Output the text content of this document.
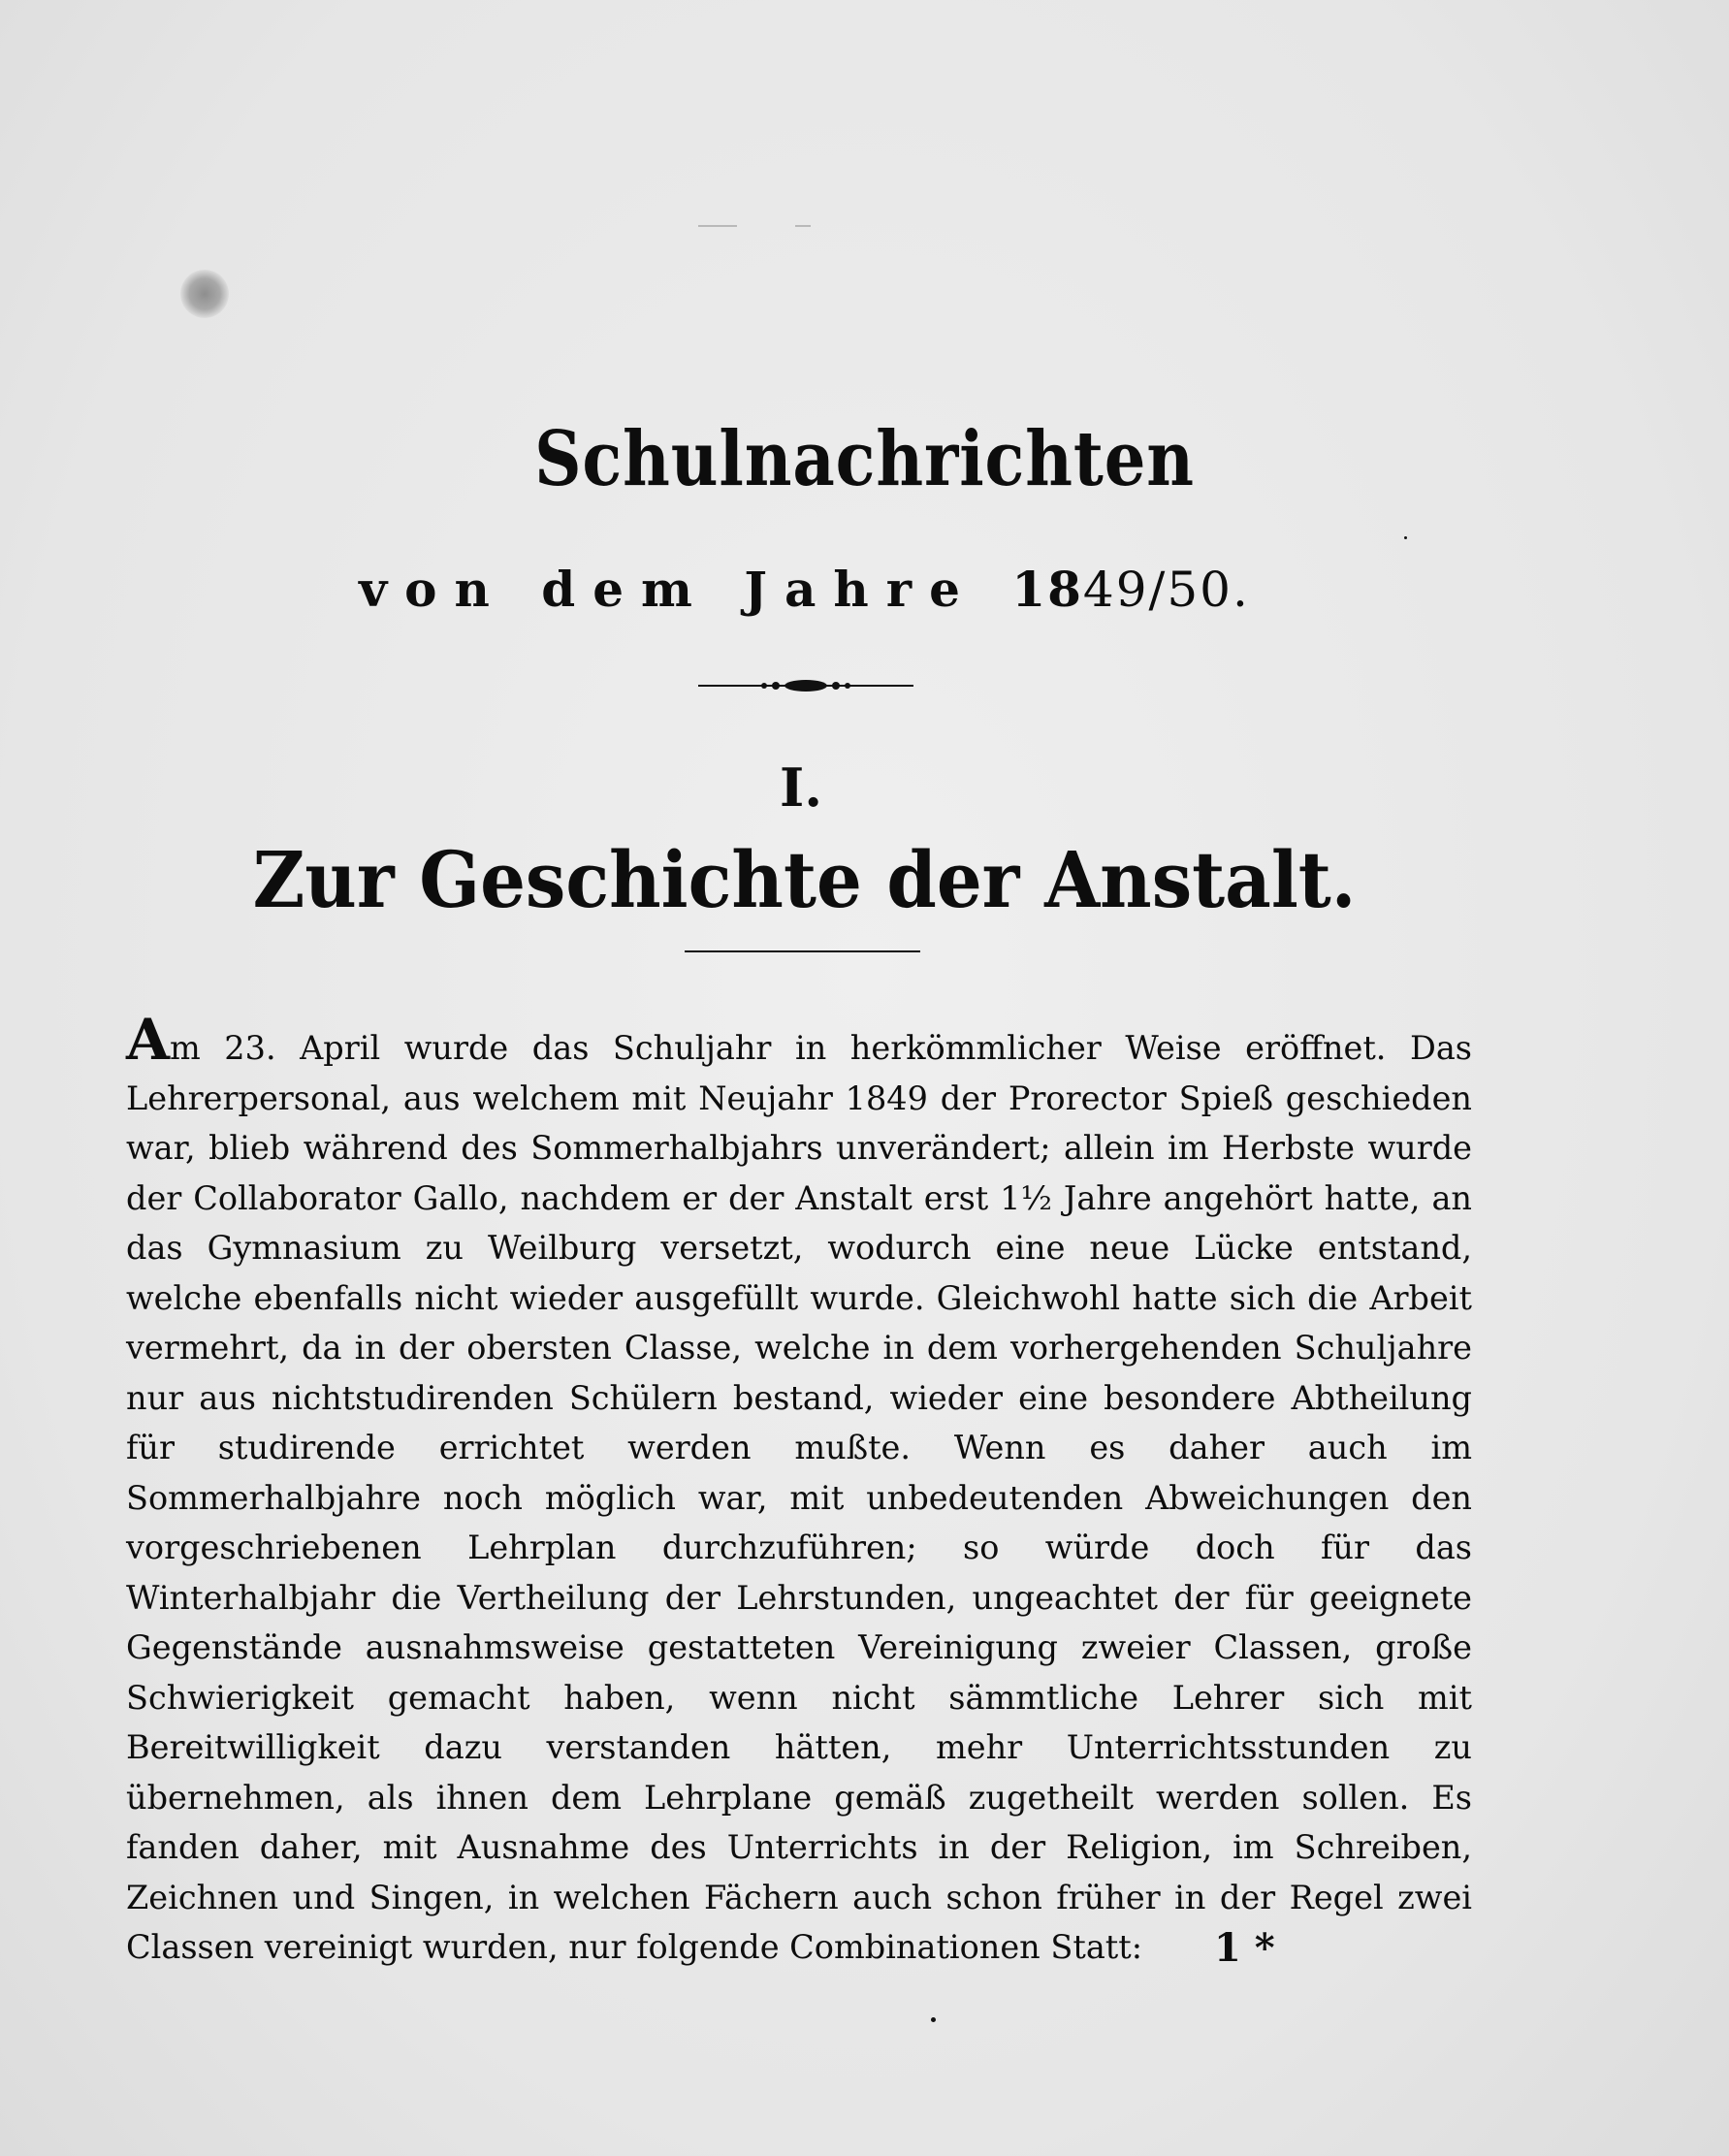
Schulnachrichten
von dem Jahre 1849/50.
I.
Zur Geschichte der Anstalt.
Am 23. April wurde das Schuljahr in herkömmlicher Weise eröffnet. Das Lehrerpersonal, aus welchem mit Neujahr 1849 der Prorector Spieß geschieden war, blieb während des Sommerhalbjahrs unverändert; allein im Herbste wurde der Collaborator Gallo, nachdem er der Anstalt erst 1½ Jahre angehört hatte, an das Gymnasium zu Weilburg versetzt, wodurch eine neue Lücke entstand, welche ebenfalls nicht wieder ausgefüllt wurde. Gleichwohl hatte sich die Arbeit vermehrt, da in der obersten Classe, welche in dem vorhergehenden Schuljahre nur aus nichtstudirenden Schülern bestand, wieder eine besondere Abtheilung für studirende errichtet werden mußte. Wenn es daher auch im Sommerhalbjahre noch möglich war, mit unbedeutenden Abweichungen den vorgeschriebenen Lehrplan durchzuführen; so würde doch für das Winterhalbjahr die Vertheilung der Lehrstunden, ungeachtet der für geeignete Gegenstände ausnahmsweise gestatteten Vereinigung zweier Classen, große Schwierigkeit gemacht haben, wenn nicht sämmtliche Lehrer sich mit Bereitwilligkeit dazu verstanden hätten, mehr Unterrichtsstunden zu übernehmen, als ihnen dem Lehrplane gemäß zugetheilt werden sollen. Es fanden daher, mit Ausnahme des Unterrichts in der Religion, im Schreiben, Zeichnen und Singen, in welchen Fächern auch schon früher in der Regel zwei Classen vereinigt wurden, nur folgende Combinationen Statt:	1 *
